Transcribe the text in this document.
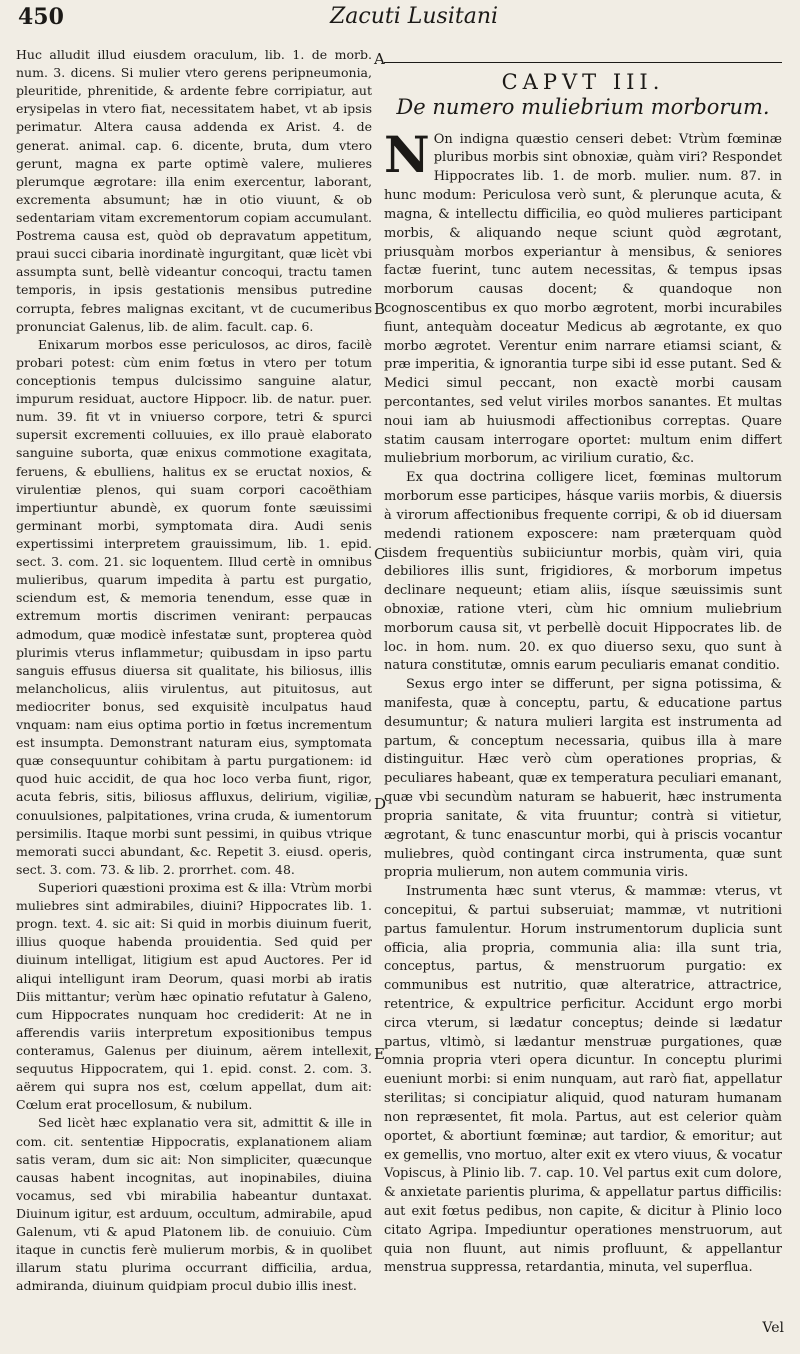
450	Zacuti Lusitani

Huc alludit illud eiusdem oraculum, lib. 1. de morb. num. 3. dicens. Si mulier vtero gerens peripneumonia, pleuritide, phrenitide, & ardente febre corripiatur, aut erysipelas in vtero fiat, necessitatem habet, vt ab ipsis perimatur. Altera causa addenda ex Arist. 4. de generat. animal. cap. 6. dicente, bruta, dum vtero gerunt, magna ex parte optimè valere, mulieres plerumque ægrotare: illa enim exercentur, laborant, excrementa absumunt; hæ in otio viuunt, & ob sedentariam vitam excrementorum copiam accumulant. Postrema causa est, quòd ob depravatum appetitum, praui succi cibaria inordinatè ingurgitant, quæ licèt vbi assumpta sunt, bellè videantur concoqui, tractu tamen temporis, in ipsis gestationis mensibus putredine corrupta, febres malignas excitant, vt de cucumeribus pronunciat Galenus, lib. de alim. facult. cap. 6.

Enixarum morbos esse periculosos, ac diros, facilè probari potest: cùm enim fœtus in vtero per totum conceptionis tempus dulcissimo sanguine alatur, impurum residuat, auctore Hippocr. lib. de natur. puer. num. 39. fit vt in vniuerso corpore, tetri & spurci supersit excrementi colluuies, ex illo prauè elaborato sanguine suborta, quæ enixus commotione exagitata, feruens, & ebulliens, halitus ex se eructat noxios, & virulentiæ plenos, qui suam corpori cacoëthiam impertiuntur abundè, ex quorum fonte sæuissimi germinant morbi, symptomata dira. Audi senis expertissimi interpretem grauissimum, lib. 1. epid. sect. 3. com. 21. sic loquentem. Illud certè in omnibus mulieribus, quarum impedita à partu est purgatio, sciendum est, & memoria tenendum, esse quæ in extremum mortis discrimen venirant: perpaucas admodum, quæ modicè infestatæ sunt, propterea quòd plurimis vterus inflammetur; quibusdam in ipso partu sanguis effusus diuersa sit qualitate, his biliosus, illis melancholicus, aliis virulentus, aut pituitosus, aut mediocriter bonus, sed exquisitè inculpatus haud vnquam: nam eius optima portio in fœtus incrementum est insumpta. Demonstrant naturam eius, symptomata quæ consequuntur cohibitam à partu purgationem: id quod huic accidit, de qua hoc loco verba fiunt, rigor, acuta febris, sitis, biliosus affluxus, delirium, vigiliæ, conuulsiones, palpitationes, vrina cruda, & iumentorum persimilis. Itaque morbi sunt pessimi, in quibus vtrique memorati succi abundant, &c. Repetit 3. eiusd. operis, sect. 3. com. 73. & lib. 2. prorrhet. com. 48.

Superiori quæstioni proxima est & illa: Vtrùm morbi muliebres sint admirabiles, diuini? Hippocrates lib. 1. progn. text. 4. sic ait: Si quid in morbis diuinum fuerit, illius quoque habenda prouidentia. Sed quid per diuinum intelligat, litigium est apud Auctores. Per id aliqui intelligunt iram Deorum, quasi morbi ab iratis Diis mittantur; verùm hæc opinatio refutatur à Galeno, cum Hippocrates nunquam hoc crediderit: At ne in afferendis variis interpretum expositionibus tempus conteramus, Galenus per diuinum, aërem intellexit, sequutus Hippocratem, qui 1. epid. const. 2. com. 3. aërem qui supra nos est, cœlum appellat, dum ait: Cœlum erat procellosum, & nubilum.

Sed licèt hæc explanatio vera sit, admittit & ille in com. cit. sententiæ Hippocratis, explanationem aliam satis veram, dum sic ait: Non simpliciter, quæcunque causas habent incognitas, aut inopinabiles, diuina vocamus, sed vbi mirabilia habeantur duntaxat. Diuinum igitur, est arduum, occultum, admirabile, apud Galenum, vti & apud Platonem lib. de conuiuio. Cùm itaque in cunctis ferè mulierum morbis, & in quolibet illarum statu plurima occurrant difficilia, ardua, admiranda, diuinum quidpiam procul dubio illis inest.

A
B
C
D
E
CAPVT III.
De numero muliebrium morborum.

N On indigna quæstio censeri debet: Vtrùm fœminæ pluribus morbis sint obnoxiæ, quàm viri? Respondet Hippocrates lib. 1. de morb. mulier. num. 87. in hunc modum: Periculosa verò sunt, & plerunque acuta, & magna, & intellectu difficilia, eo quòd mulieres participant morbis, & aliquando neque sciunt quòd ægrotant, priusquàm morbos experiantur à mensibus, & seniores factæ fuerint, tunc autem necessitas, & tempus ipsas morborum causas docent; & quandoque non cognoscentibus ex quo morbo ægrotent, morbi incurabiles fiunt, antequàm doceatur Medicus ab ægrotante, ex quo morbo ægrotet. Verentur enim narrare etiamsi sciant, & præ imperitia, & ignorantia turpe sibi id esse putant. Sed & Medici simul peccant, non exactè morbi causam percontantes, sed velut viriles morbos sanantes. Et multas noui iam ab huiusmodi affectionibus correptas. Quare statim causam interrogare oportet: multum enim differt muliebrium morborum, ac virilium curatio, &c.

Ex qua doctrina colligere licet, fœminas multorum morborum esse participes, hásque variis morbis, & diuersis à virorum affectionibus frequente corripi, & ob id diuersam medendi rationem exposcere: nam præterquam quòd iisdem frequentiùs subiiciuntur morbis, quàm viri, quia debiliores illis sunt, frigidiores, & morborum impetus declinare nequeunt; etiam aliis, iísque sæuissimis sunt obnoxiæ, ratione vteri, cùm hic omnium muliebrium morborum causa sit, vt perbellè docuit Hippocrates lib. de loc. in hom. num. 20. ex quo diuerso sexu, quo sunt à natura constitutæ, omnis earum peculiaris emanat conditio.

Sexus ergo inter se differunt, per signa potissima, & manifesta, quæ à conceptu, partu, & educatione partus desumuntur; & natura mulieri largita est instrumenta ad partum, & conceptum necessaria, quibus illa à mare distinguitur. Hæc verò cùm operationes proprias, & peculiares habeant, quæ ex temperatura peculiari emanant, quæ vbi secundùm naturam se habuerit, hæc instrumenta propria sanitate, & vita fruuntur; contrà si vitietur, ægrotant, & tunc enascuntur morbi, qui à priscis vocantur muliebres, quòd contingant circa instrumenta, quæ sunt propria mulierum, non autem communia viris.

Instrumenta hæc sunt vterus, & mammæ: vterus, vt concepitui, & partui subseruiat; mammæ, vt nutritioni partus famulentur. Horum instrumentorum duplicia sunt officia, alia propria, communia alia: illa sunt tria, conceptus, partus, & menstruorum purgatio: ex communibus est nutritio, quæ alteratrice, attractrice, retentrice, & expultrice perficitur. Accidunt ergo morbi circa vterum, si lædatur conceptus; deinde si lædatur partus, vltimò, si lædantur menstruæ purgationes, quæ omnia propria vteri opera dicuntur. In conceptu plurimi eueniunt morbi: si enim nunquam, aut rarò fiat, appellatur sterilitas; si concipiatur aliquid, quod naturam humanam non repræsentet, fit mola. Partus, aut est celerior quàm oportet, & abortiunt fœminæ; aut tardior, & emoritur; aut ex gemellis, vno mortuo, alter exit ex vtero viuus, & vocatur Vopiscus, à Plinio lib. 7. cap. 10. Vel partus exit cum dolore, & anxietate parientis plurima, & appellatur partus difficilis: aut exit fœtus pedibus, non capite, & dicitur à Plinio loco citato Agripa. Impediuntur operationes menstruorum, aut quia non fluunt, aut nimis profluunt, & appellantur menstrua suppressa, retardantia, minuta, vel superflua.

Vel
